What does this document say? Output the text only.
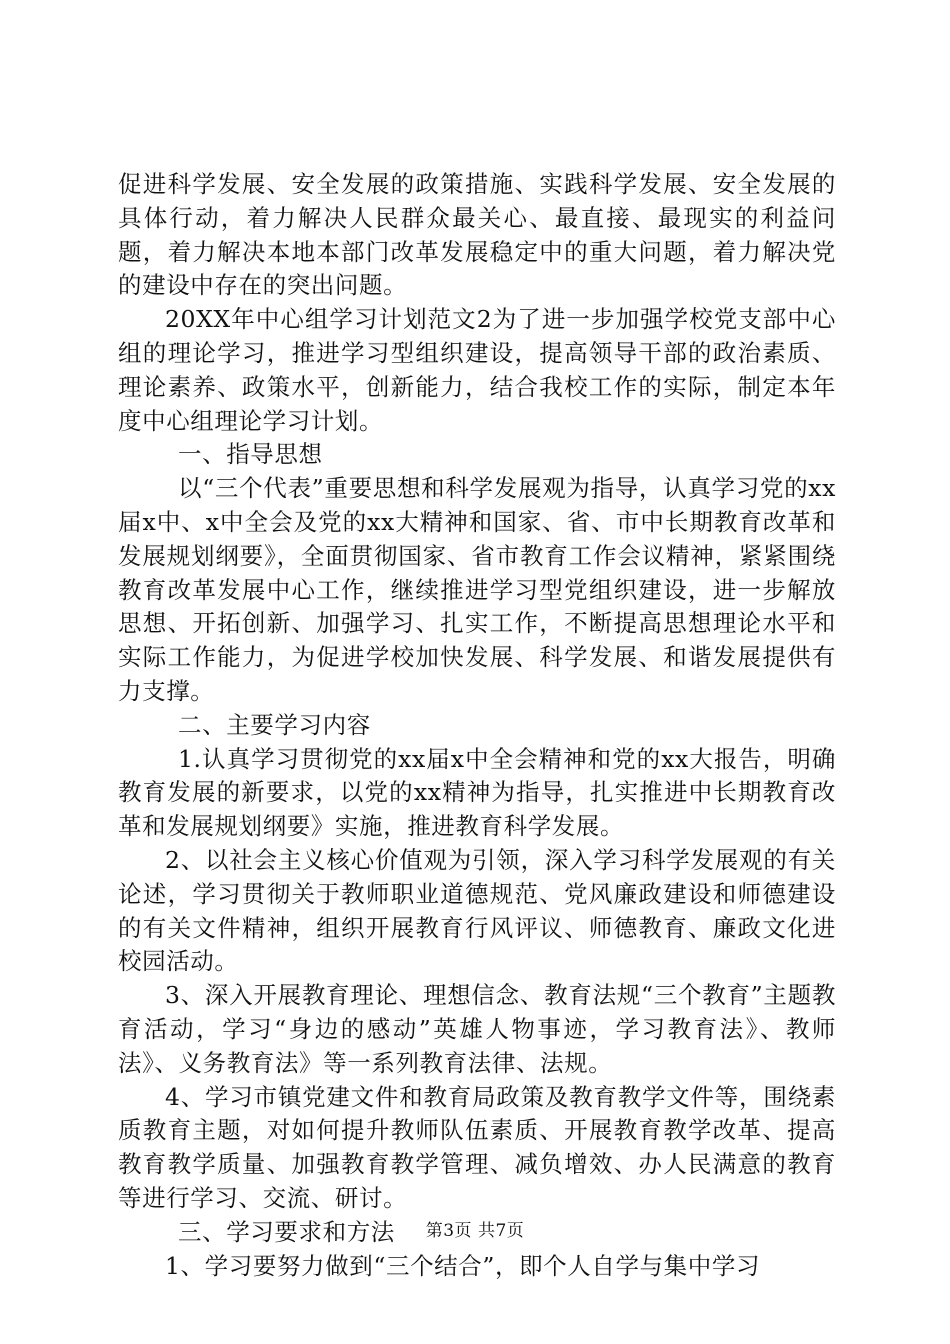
促进科学发展、安全发展的政策措施、实践科学发展、安全发展的具体行动，着力解决人民群众最关心、最直接、最现实的利益问题，着力解决本地本部门改革发展稳定中的重大问题，着力解决党的建设中存在的突出问题。

20XX年中心组学习计划范文2为了进一步加强学校党支部中心组的理论学习，推进学习型组织建设，提高领导干部的政治素质、理论素养、政策水平，创新能力，结合我校工作的实际，制定本年度中心组理论学习计划。

一、指导思想

以“三个代表”重要思想和科学发展观为指导，认真学习党的xx届x中、x中全会及党的xx大精神和国家、省、市中长期教育改革和发展规划纲要》，全面贯彻国家、省市教育工作会议精神，紧紧围绕教育改革发展中心工作，继续推进学习型党组织建设，进一步解放思想、开拓创新、加强学习、扎实工作，不断提高思想理论水平和实际工作能力，为促进学校加快发展、科学发展、和谐发展提供有力支撑。

二、主要学习内容

1.认真学习贯彻党的xx届x中全会精神和党的xx大报告，明确教育发展的新要求，以党的xx精神为指导，扎实推进中长期教育改革和发展规划纲要》实施，推进教育科学发展。

2、以社会主义核心价值观为引领，深入学习科学发展观的有关论述，学习贯彻关于教师职业道德规范、党风廉政建设和师德建设的有关文件精神，组织开展教育行风评议、师德教育、廉政文化进校园活动。

3、深入开展教育理论、理想信念、教育法规“三个教育”主题教育活动，学习“身边的感动”英雄人物事迹，学习教育法》、教师法》、义务教育法》等一系列教育法律、法规。

4、学习市镇党建文件和教育局政策及教育教学文件等，围绕素质教育主题，对如何提升教师队伍素质、开展教育教学改革、提高教育教学质量、加强教育教学管理、减负增效、办人民满意的教育等进行学习、交流、研讨。

三、学习要求和方法

1、学习要努力做到“三个结合”，即个人自学与集中学习

第3页 共7页
